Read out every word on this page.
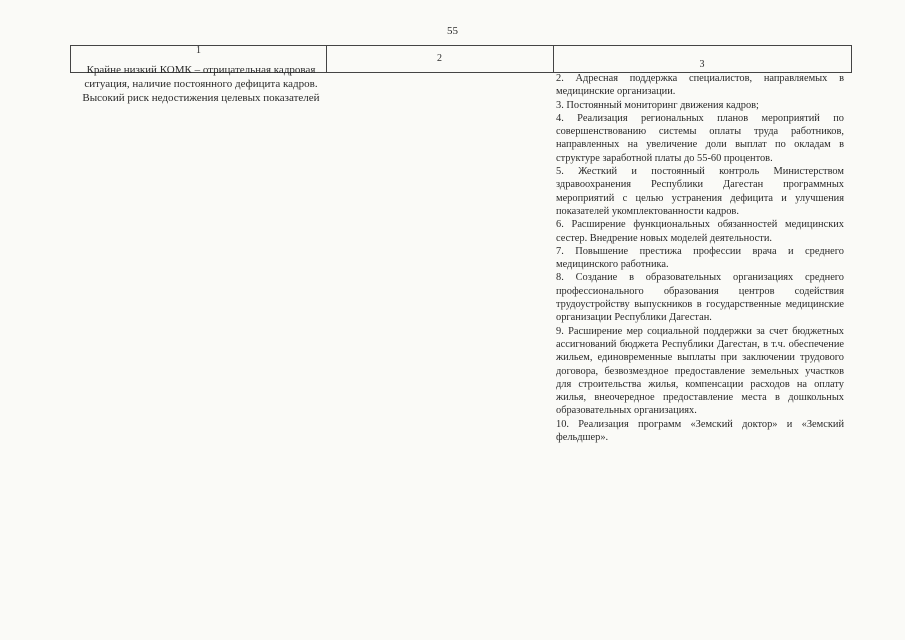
55
1
2
3
Крайне низкий КОМК – отрицательная кадровая ситуация, наличие постоянного дефицита кадров. Высокий риск недостижения целевых показателей

2. Адресная поддержка специалистов, направляемых в медицинские организации.

3. Постоянный мониторинг движения кадров;

4. Реализация региональных планов мероприятий по совершенствованию системы оплаты труда работников, направленных на увеличение доли выплат по окладам в структуре заработной платы до 55-60 процентов.

5. Жесткий и постоянный контроль Министерством здравоохранения Республики Дагестан программных мероприятий с целью устранения дефицита и улучшения показателей укомплектованности кадров.

6. Расширение функциональных обязанностей медицинских сестер. Внедрение новых моделей деятельности.

7. Повышение престижа профессии врача и среднего медицинского работника.

8. Создание в образовательных организациях среднего профессионального образования центров содействия трудоустройству выпускников в государственные медицинские организации Республики Дагестан.

9. Расширение мер социальной поддержки за счет бюджетных ассигнований бюджета Республики Дагестан, в т.ч. обеспечение жильем, единовременные выплаты при заключении трудового договора, безвозмездное предоставление земельных участков для строительства жилья, компенсации расходов на оплату жилья, внеочередное предоставление места в дошкольных образовательных организациях.

10. Реализация программ «Земский доктор» и «Земский фельдшер».
